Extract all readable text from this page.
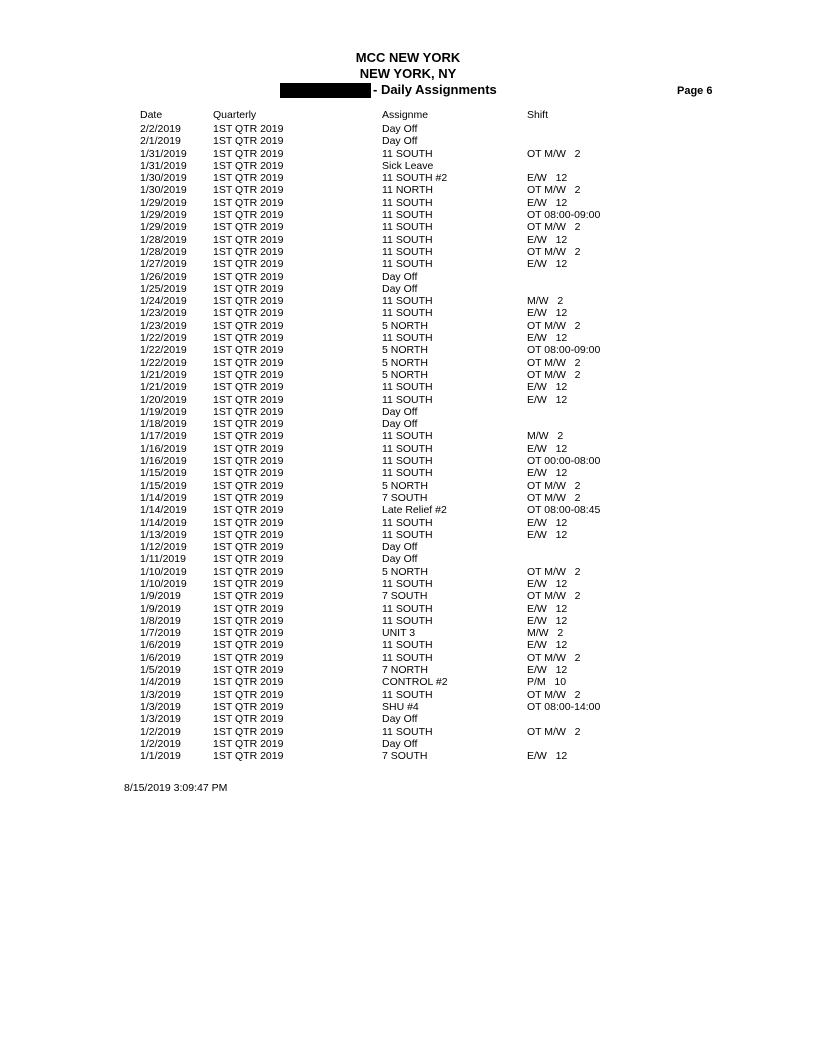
MCC NEW YORK
NEW YORK, NY
- Daily Assignments	Page 6
Date	Quarterly	Assignme	Shift
2/2/2019	1ST QTR 2019	Day Off
2/1/2019	1ST QTR 2019	Day Off
1/31/2019	1ST QTR 2019	11 SOUTH	OT M/W   2
1/31/2019	1ST QTR 2019	Sick Leave
1/30/2019	1ST QTR 2019	11 SOUTH #2	E/W   12
1/30/2019	1ST QTR 2019	11 NORTH	OT M/W   2
1/29/2019	1ST QTR 2019	11 SOUTH	E/W   12
1/29/2019	1ST QTR 2019	11 SOUTH	OT 08:00-09:00
1/29/2019	1ST QTR 2019	11 SOUTH	OT M/W   2
1/28/2019	1ST QTR 2019	11 SOUTH	E/W   12
1/28/2019	1ST QTR 2019	11 SOUTH	OT M/W   2
1/27/2019	1ST QTR 2019	11 SOUTH	E/W   12
1/26/2019	1ST QTR 2019	Day Off
1/25/2019	1ST QTR 2019	Day Off
1/24/2019	1ST QTR 2019	11 SOUTH	M/W   2
1/23/2019	1ST QTR 2019	11 SOUTH	E/W   12
1/23/2019	1ST QTR 2019	5 NORTH	OT M/W   2
1/22/2019	1ST QTR 2019	11 SOUTH	E/W   12
1/22/2019	1ST QTR 2019	5 NORTH	OT 08:00-09:00
1/22/2019	1ST QTR 2019	5 NORTH	OT M/W   2
1/21/2019	1ST QTR 2019	5 NORTH	OT M/W   2
1/21/2019	1ST QTR 2019	11 SOUTH	E/W   12
1/20/2019	1ST QTR 2019	11 SOUTH	E/W   12
1/19/2019	1ST QTR 2019	Day Off
1/18/2019	1ST QTR 2019	Day Off
1/17/2019	1ST QTR 2019	11 SOUTH	M/W   2
1/16/2019	1ST QTR 2019	11 SOUTH	E/W   12
1/16/2019	1ST QTR 2019	11 SOUTH	OT 00:00-08:00
1/15/2019	1ST QTR 2019	11 SOUTH	E/W   12
1/15/2019	1ST QTR 2019	5 NORTH	OT M/W   2
1/14/2019	1ST QTR 2019	7 SOUTH	OT M/W   2
1/14/2019	1ST QTR 2019	Late Relief #2	OT 08:00-08:45
1/14/2019	1ST QTR 2019	11 SOUTH	E/W   12
1/13/2019	1ST QTR 2019	11 SOUTH	E/W   12
1/12/2019	1ST QTR 2019	Day Off
1/11/2019	1ST QTR 2019	Day Off
1/10/2019	1ST QTR 2019	5 NORTH	OT M/W   2
1/10/2019	1ST QTR 2019	11 SOUTH	E/W   12
1/9/2019	1ST QTR 2019	7 SOUTH	OT M/W   2
1/9/2019	1ST QTR 2019	11 SOUTH	E/W   12
1/8/2019	1ST QTR 2019	11 SOUTH	E/W   12
1/7/2019	1ST QTR 2019	UNIT 3	M/W   2
1/6/2019	1ST QTR 2019	11 SOUTH	E/W   12
1/6/2019	1ST QTR 2019	11 SOUTH	OT M/W   2
1/5/2019	1ST QTR 2019	7 NORTH	E/W   12
1/4/2019	1ST QTR 2019	CONTROL #2	P/M   10
1/3/2019	1ST QTR 2019	11 SOUTH	OT M/W   2
1/3/2019	1ST QTR 2019	SHU #4	OT 08:00-14:00
1/3/2019	1ST QTR 2019	Day Off
1/2/2019	1ST QTR 2019	11 SOUTH	OT M/W   2
1/2/2019	1ST QTR 2019	Day Off
1/1/2019	1ST QTR 2019	7 SOUTH	E/W   12
8/15/2019 3:09:47 PM
